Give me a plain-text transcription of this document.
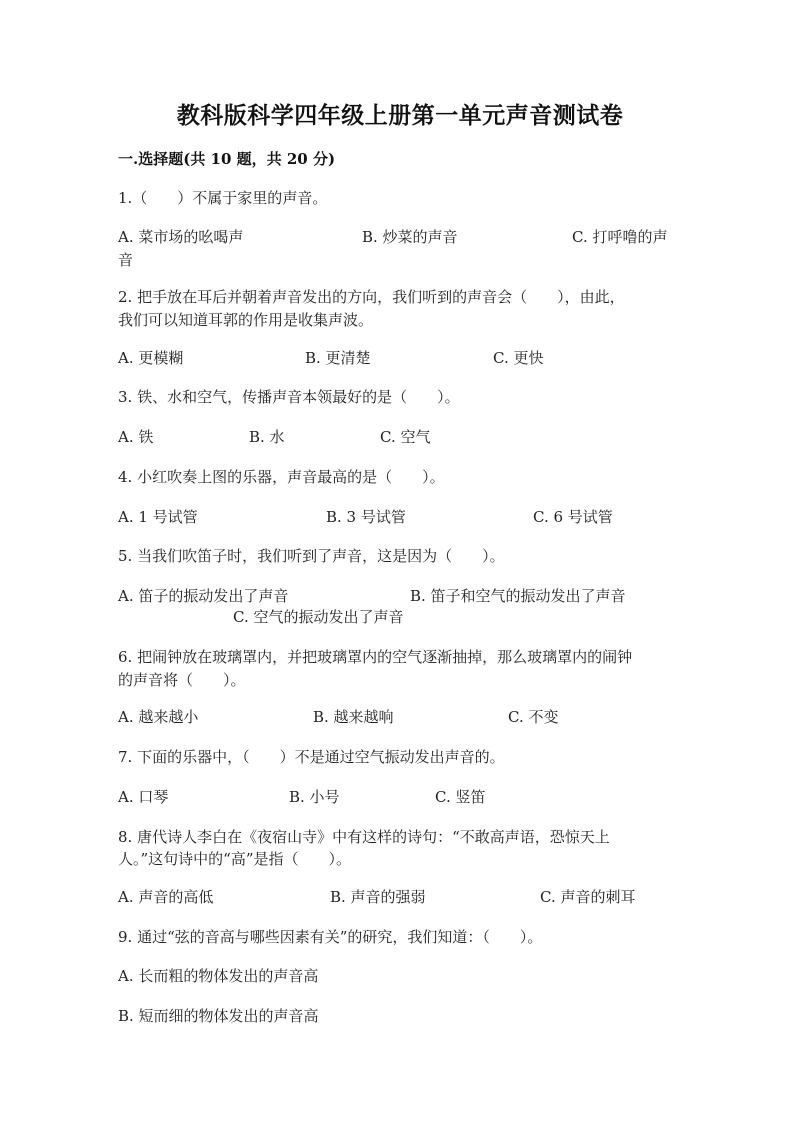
教科版科学四年级上册第一单元声音测试卷
一.选择题(共 10 题，共 20 分)
1.（　　）不属于家里的声音。
A. 菜市场的吆喝声	B. 炒菜的声音	C. 打呼噜的声
音
2. 把手放在耳后并朝着声音发出的方向，我们听到的声音会（　　），由此，
我们可以知道耳郭的作用是收集声波。
A. 更模糊	B. 更清楚	C. 更快
3. 铁、水和空气，传播声音本领最好的是（　　）。
A. 铁	B. 水	C. 空气
4. 小红吹奏上图的乐器，声音最高的是（　　）。
A. 1 号试管	B. 3 号试管	C. 6 号试管
5. 当我们吹笛子时，我们听到了声音，这是因为（　　）。
A. 笛子的振动发出了声音	B. 笛子和空气的振动发出了声音
C. 空气的振动发出了声音
6. 把闹钟放在玻璃罩内，并把玻璃罩内的空气逐渐抽掉，那么玻璃罩内的闹钟
的声音将（　　）。
A. 越来越小	B. 越来越响	C. 不变
7. 下面的乐器中，（　　）不是通过空气振动发出声音的。
A. 口琴	B. 小号	C. 竖笛
8. 唐代诗人李白在《夜宿山寺》中有这样的诗句：“不敢高声语，恐惊天上
人。”这句诗中的“高”是指（　　）。
A. 声音的高低	B. 声音的强弱	C. 声音的刺耳
9. 通过“弦的音高与哪些因素有关”的研究，我们知道：（　　）。
A. 长而粗的物体发出的声音高
B. 短而细的物体发出的声音高
